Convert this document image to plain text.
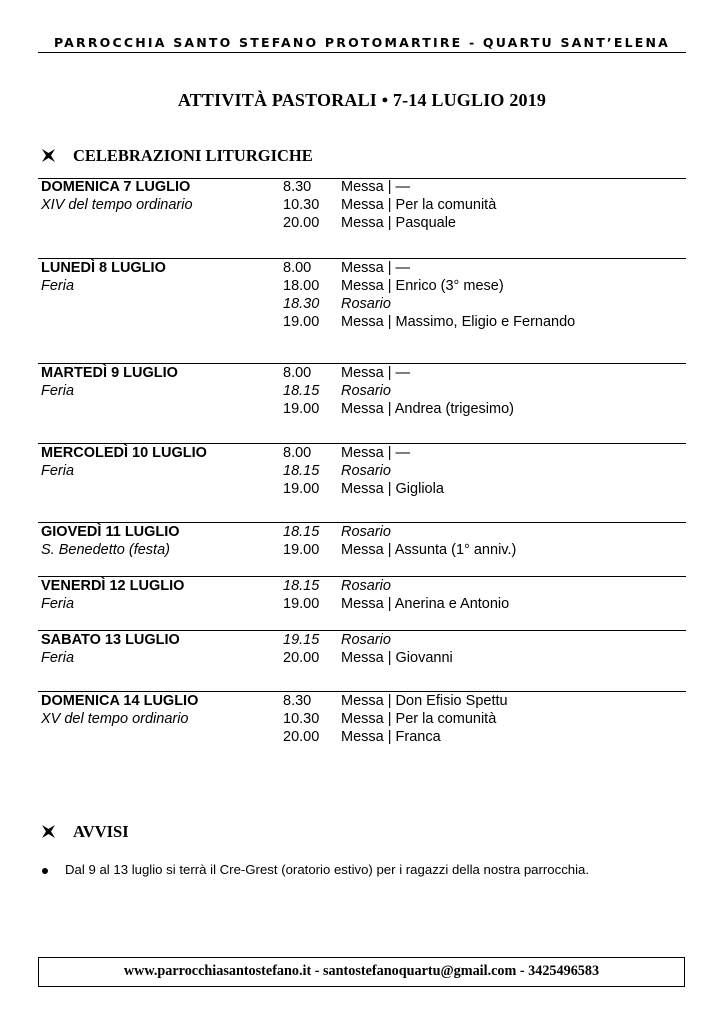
PARROCCHIA SANTO STEFANO PROTOMARTIRE - QUARTU SANT’ELENA
ATTIVITÀ PASTORALI • 7-14 LUGLIO 2019
CELEBRAZIONI LITURGICHE
DOMENICA 7 LUGLIO
XIV del tempo ordinario
8.30 Messa | —
10.30 Messa | Per la comunità
20.00 Messa | Pasquale
LUNEDÌ 8 LUGLIO
Feria
8.00 Messa | —
18.00 Messa | Enrico (3° mese)
18.30 Rosario
19.00 Messa | Massimo, Eligio e Fernando
MARTEDÌ 9 LUGLIO
Feria
8.00 Messa | —
18.15 Rosario
19.00 Messa | Andrea (trigesimo)
MERCOLEDÌ 10 LUGLIO
Feria
8.00 Messa | —
18.15 Rosario
19.00 Messa | Gigliola
GIOVEDÌ 11 LUGLIO
S. Benedetto (festa)
18.15 Rosario
19.00 Messa | Assunta (1° anniv.)
VENERDÌ 12 LUGLIO
Feria
18.15 Rosario
19.00 Messa | Anerina e Antonio
SABATO 13 LUGLIO
Feria
19.15 Rosario
20.00 Messa | Giovanni
DOMENICA 14 LUGLIO
XV del tempo ordinario
8.30 Messa | Don Efisio Spettu
10.30 Messa | Per la comunità
20.00 Messa | Franca
AVVISI
Dal 9 al 13 luglio si terrà il Cre-Grest (oratorio estivo) per i ragazzi della nostra parrocchia.
www.parrocchiasantostefano.it - santostefanoquartu@gmail.com - 3425496583
